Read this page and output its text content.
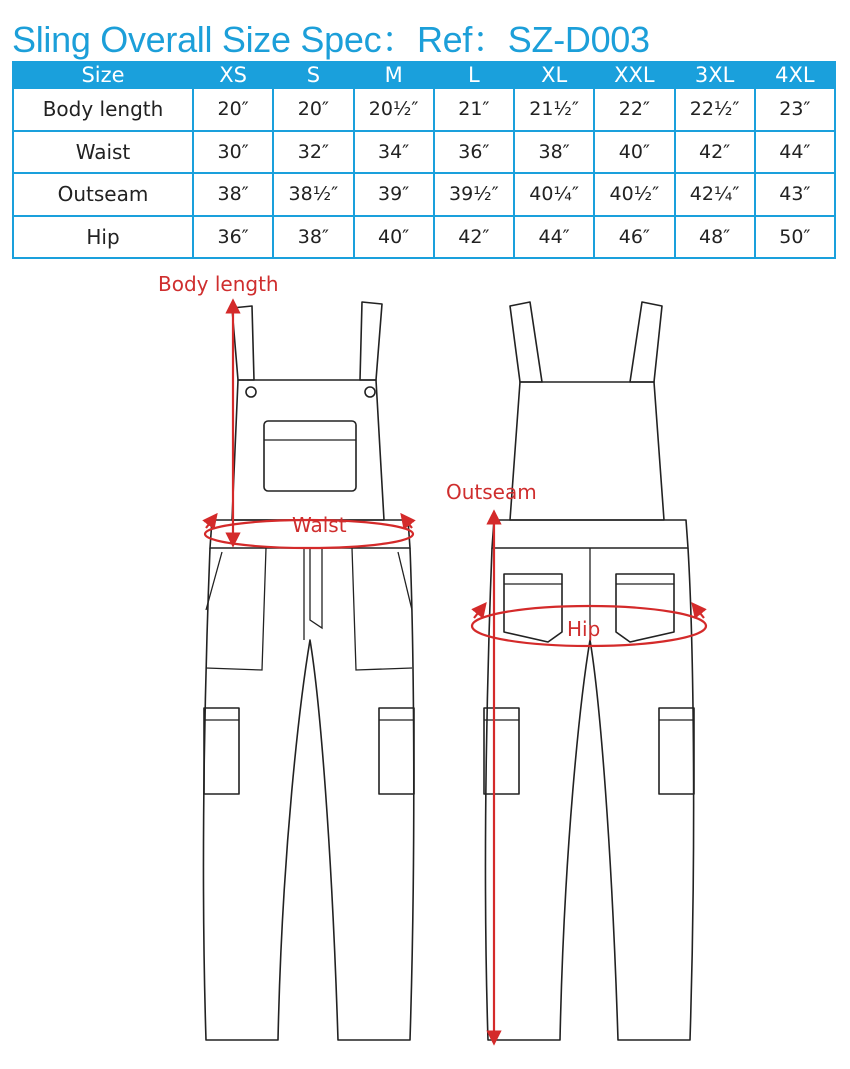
Sling Overall Size Spec：Ref：SZ-D003
Size	XS	S	M	L	XL	XXL	3XL	4XL
Body length	20″	20″	20½″	21″	21½″	22″	22½″	23″
Waist	30″	32″	34″	36″	38″	40″	42″	44″
Outseam	38″	38½″	39″	39½″	40¼″	40½″	42¼″	43″
Hip	36″	38″	40″	42″	44″	46″	48″	50″
Body length
Waist
Outseam
Hip
